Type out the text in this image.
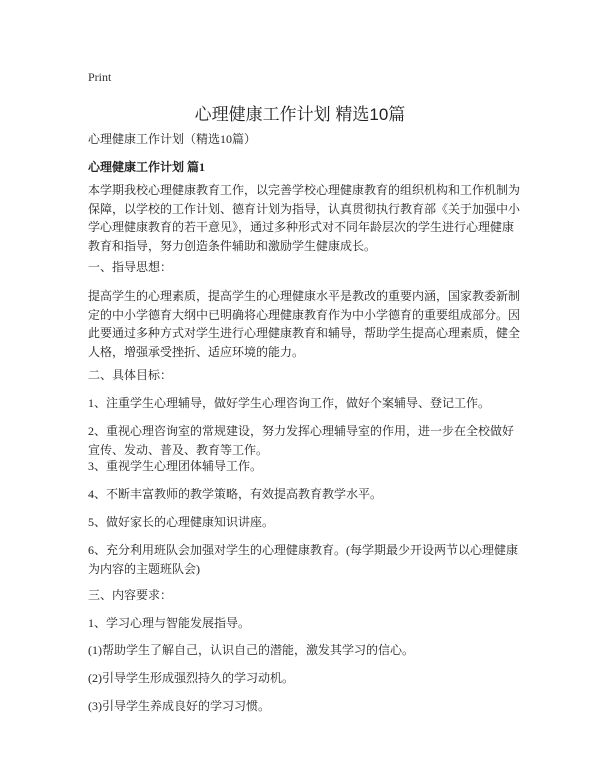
Print
心理健康工作计划 精选10篇
心理健康工作计划（精选10篇）
心理健康工作计划 篇1
本学期我校心理健康教育工作，以完善学校心理健康教育的组织机构和工作机制为保障，以学校的工作计划、德育计划为指导，认真贯彻执行教育部《关于加强中小学心理健康教育的若干意见》，通过多种形式对不同年龄层次的学生进行心理健康教育和指导，努力创造条件辅助和激励学生健康成长。
一、指导思想：
提高学生的心理素质，提高学生的心理健康水平是教改的重要内涵，国家教委新制定的中小学德育大纲中已明确将心理健康教育作为中小学德育的重要组成部分。因此要通过多种方式对学生进行心理健康教育和辅导，帮助学生提高心理素质，健全人格，增强承受挫折、适应环境的能力。
二、具体目标：
1、注重学生心理辅导，做好学生心理咨询工作，做好个案辅导、登记工作。
2、重视心理咨询室的常规建设，努力发挥心理辅导室的作用，进一步在全校做好宣传、发动、普及、教育等工作。
3、重视学生心理团体辅导工作。
4、不断丰富教师的教学策略，有效提高教育教学水平。
5、做好家长的心理健康知识讲座。
6、充分利用班队会加强对学生的心理健康教育。(每学期最少开设两节以心理健康为内容的主题班队会)
三、内容要求：
1、学习心理与智能发展指导。
(1)帮助学生了解自己，认识自己的潜能，激发其学习的信心。
(2)引导学生形成强烈持久的学习动机。
(3)引导学生养成良好的学习习惯。
